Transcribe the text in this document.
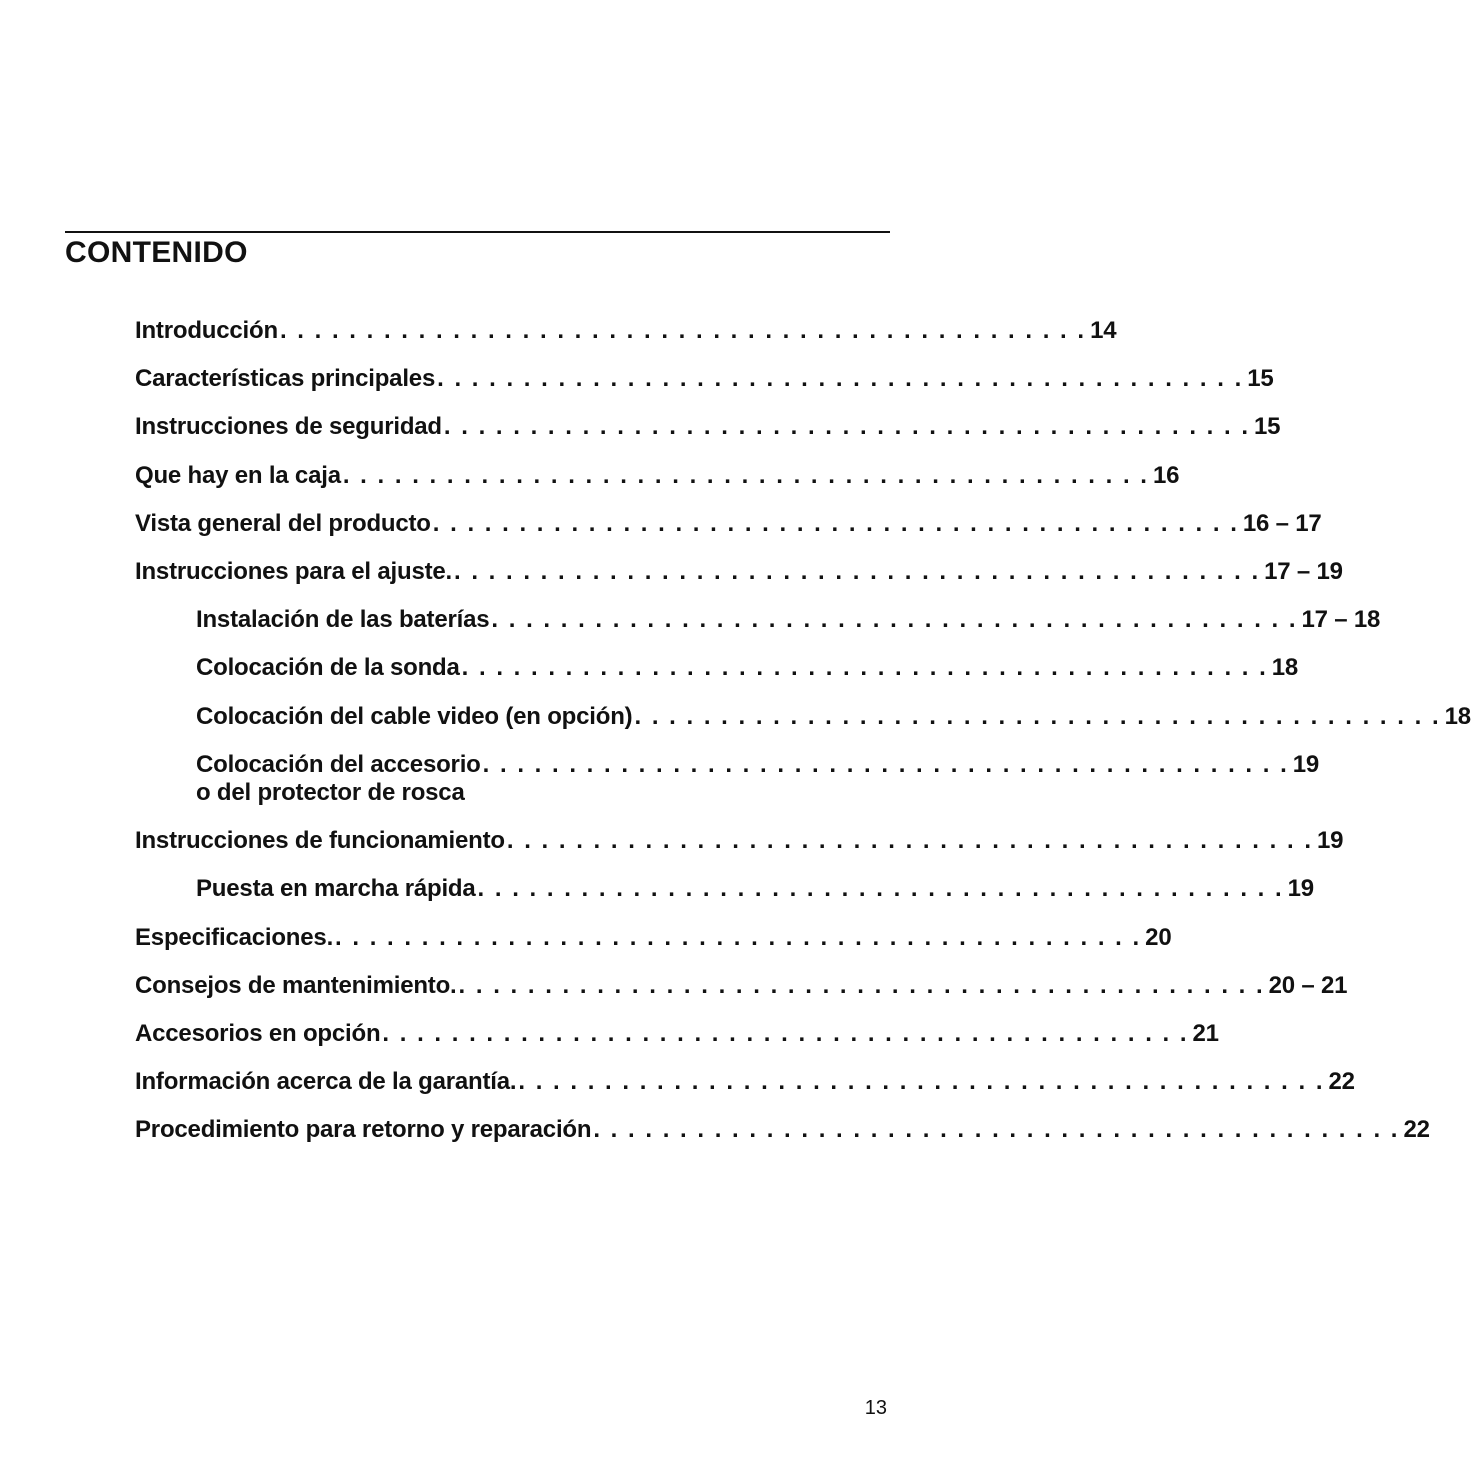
CONTENIDO
Introducción . . . . . . . . . . . . . . . . . . . . . . . . . . . . . . . . . . . . . . . . . . . . . . . 14
Características principales . . . . . . . . . . . . . . . . . . . . . . . . . . . . . . . . . . . . . . . . . . . . . . . 15
Instrucciones de seguridad . . . . . . . . . . . . . . . . . . . . . . . . . . . . . . . . . . . . . . . . . . . . . . . 15
Que hay en la caja . . . . . . . . . . . . . . . . . . . . . . . . . . . . . . . . . . . . . . . . . . . . . . . 16
Vista general del producto . . . . . . . . . . . . . . . . . . . . . . . . . . . . . . . . . . . . . . . . . . . . . . . 16 – 17
Instrucciones para el ajuste. . . . . . . . . . . . . . . . . . . . . . . . . . . . . . . . . . . . . . . . . . . . . . . . 17 – 19
Instalación de las baterías . . . . . . . . . . . . . . . . . . . . . . . . . . . . . . . . . . . . . . . . . . . . . . . 17 – 18
Colocación de la sonda . . . . . . . . . . . . . . . . . . . . . . . . . . . . . . . . . . . . . . . . . . . . . . . 18
Colocación del cable video (en opción) . . . . . . . . . . . . . . . . . . . . . . . . . . . . . . . . . . . . . . . . . . . . . . . 18
Colocación del accesorio . . . . . . . . . . . . . . . . . . . . . . . . . . . . . . . . . . . . . . . . . . . . . . . 19
o del protector de rosca
Instrucciones de funcionamiento . . . . . . . . . . . . . . . . . . . . . . . . . . . . . . . . . . . . . . . . . . . . . . . 19
Puesta en marcha rápida . . . . . . . . . . . . . . . . . . . . . . . . . . . . . . . . . . . . . . . . . . . . . . . 19
Especificaciones. . . . . . . . . . . . . . . . . . . . . . . . . . . . . . . . . . . . . . . . . . . . . . . . 20
Consejos de mantenimiento. . . . . . . . . . . . . . . . . . . . . . . . . . . . . . . . . . . . . . . . . . . . . . . . 20 – 21
Accesorios en opción . . . . . . . . . . . . . . . . . . . . . . . . . . . . . . . . . . . . . . . . . . . . . . . 21
Información acerca de la garantía. . . . . . . . . . . . . . . . . . . . . . . . . . . . . . . . . . . . . . . . . . . . . . . . 22
Procedimiento para retorno y reparación . . . . . . . . . . . . . . . . . . . . . . . . . . . . . . . . . . . . . . . . . . . . . . . 22
13
